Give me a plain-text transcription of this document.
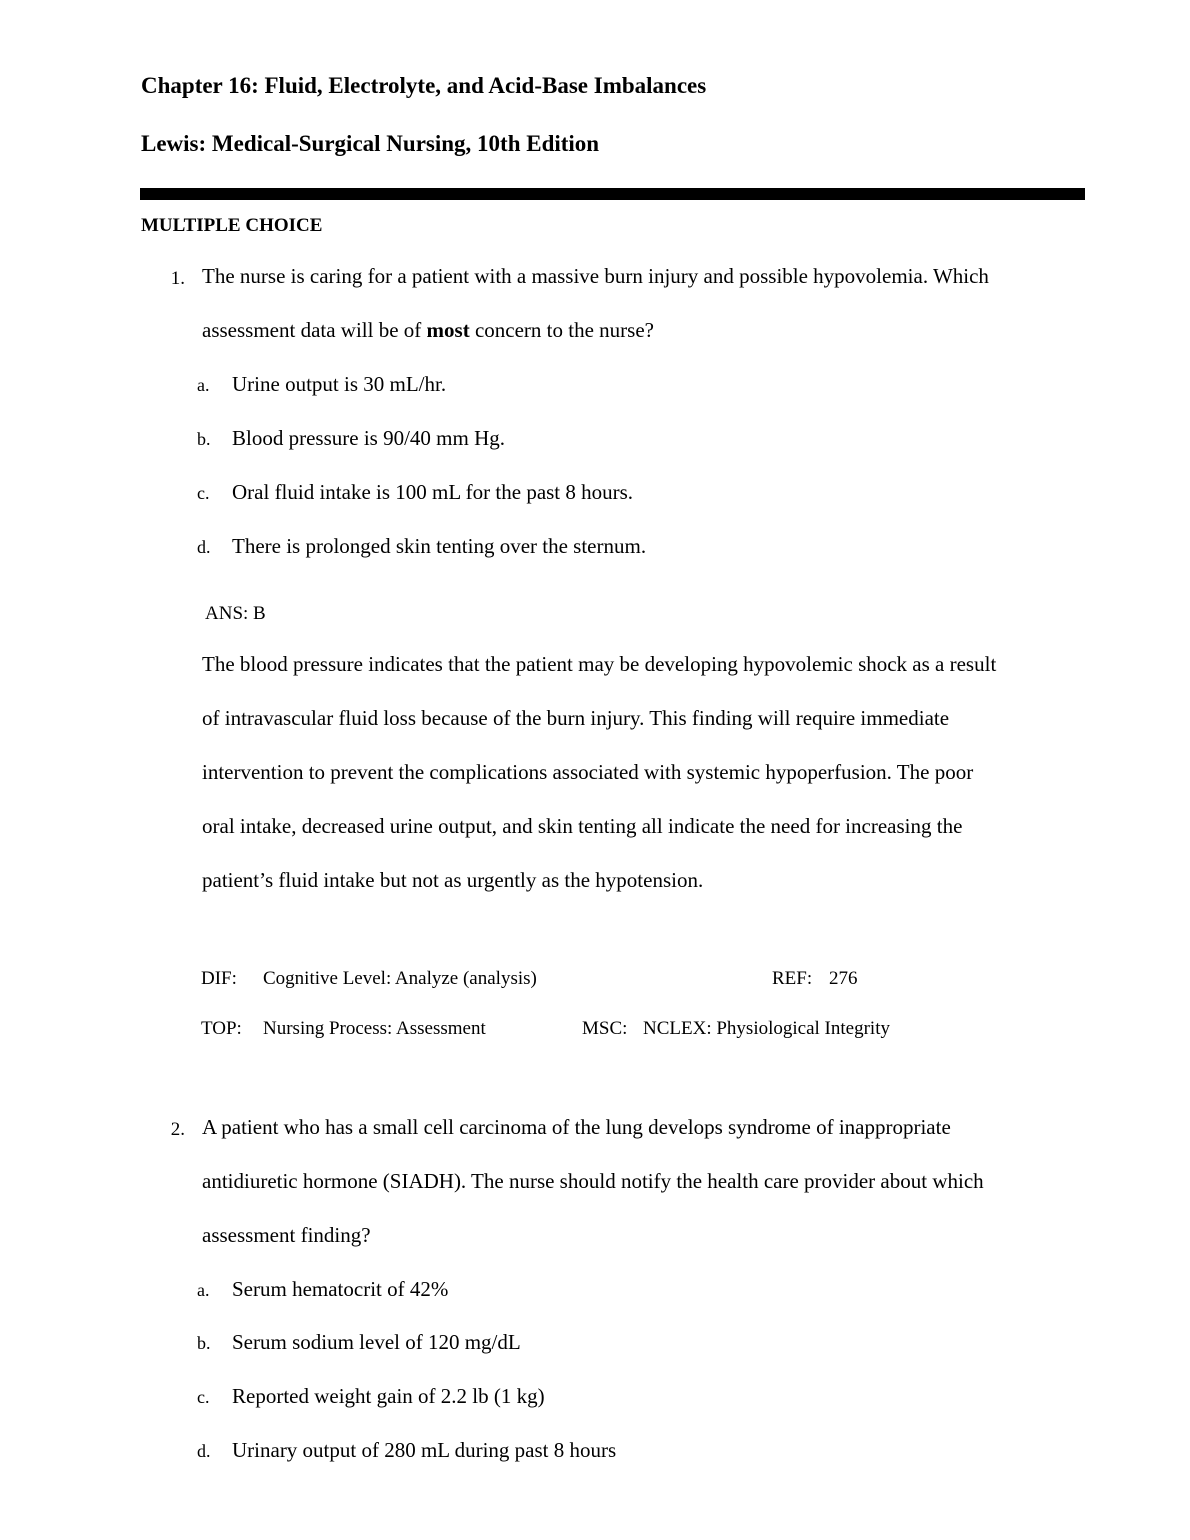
Chapter 16: Fluid, Electrolyte, and Acid-Base Imbalances
Lewis: Medical-Surgical Nursing, 10th Edition
MULTIPLE CHOICE
1. The nurse is caring for a patient with a massive burn injury and possible hypovolemia. Which
assessment data will be of most concern to the nurse?
a. Urine output is 30 mL/hr.
b. Blood pressure is 90/40 mm Hg.
c. Oral fluid intake is 100 mL for the past 8 hours.
d. There is prolonged skin tenting over the sternum.
ANS: B
The blood pressure indicates that the patient may be developing hypovolemic shock as a result
of intravascular fluid loss because of the burn injury. This finding will require immediate
intervention to prevent the complications associated with systemic hypoperfusion. The poor
oral intake, decreased urine output, and skin tenting all indicate the need for increasing the
patient’s fluid intake but not as urgently as the hypotension.
DIF: Cognitive Level: Analyze (analysis)	REF: 276
TOP: Nursing Process: Assessment	MSC: NCLEX: Physiological Integrity
2. A patient who has a small cell carcinoma of the lung develops syndrome of inappropriate
antidiuretic hormone (SIADH). The nurse should notify the health care provider about which
assessment finding?
a. Serum hematocrit of 42%
b. Serum sodium level of 120 mg/dL
c. Reported weight gain of 2.2 lb (1 kg)
d. Urinary output of 280 mL during past 8 hours
